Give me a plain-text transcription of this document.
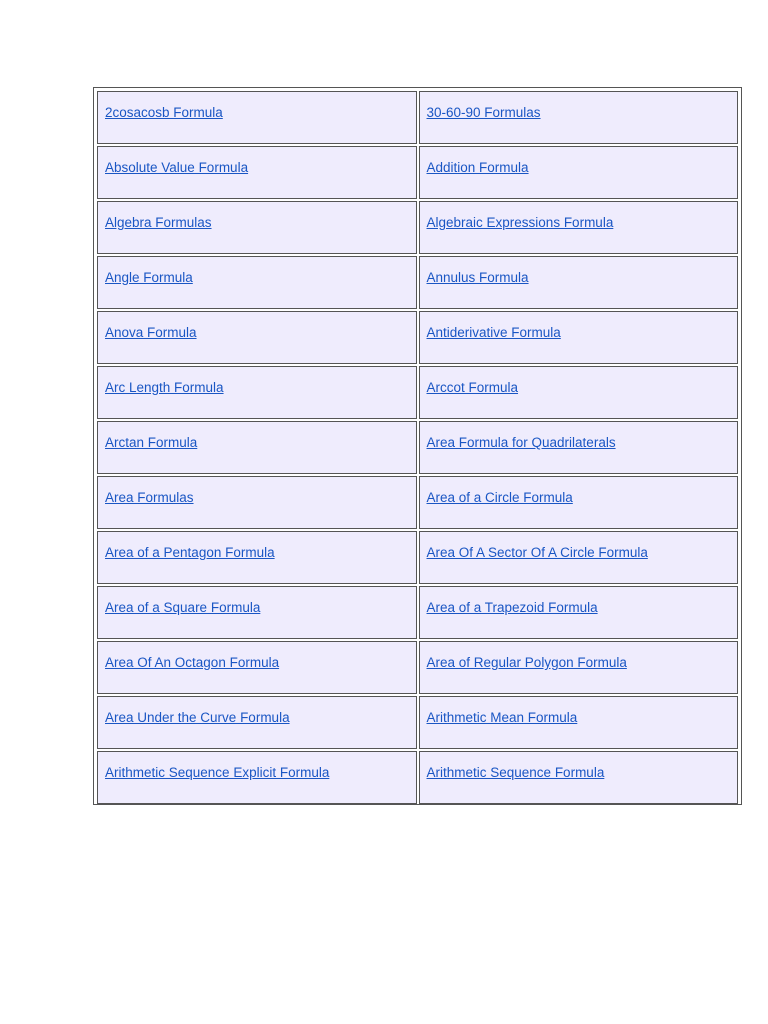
2cosacosb Formula	30-60-90 Formulas
Absolute Value Formula	Addition Formula
Algebra Formulas	Algebraic Expressions Formula
Angle Formula	Annulus Formula
Anova Formula	Antiderivative Formula
Arc Length Formula	Arccot Formula
Arctan Formula	Area Formula for Quadrilaterals
Area Formulas	Area of a Circle Formula
Area of a Pentagon Formula	Area Of A Sector Of A Circle Formula
Area of a Square Formula	Area of a Trapezoid Formula
Area Of An Octagon Formula	Area of Regular Polygon Formula
Area Under the Curve Formula	Arithmetic Mean Formula
Arithmetic Sequence Explicit Formula	Arithmetic Sequence Formula
